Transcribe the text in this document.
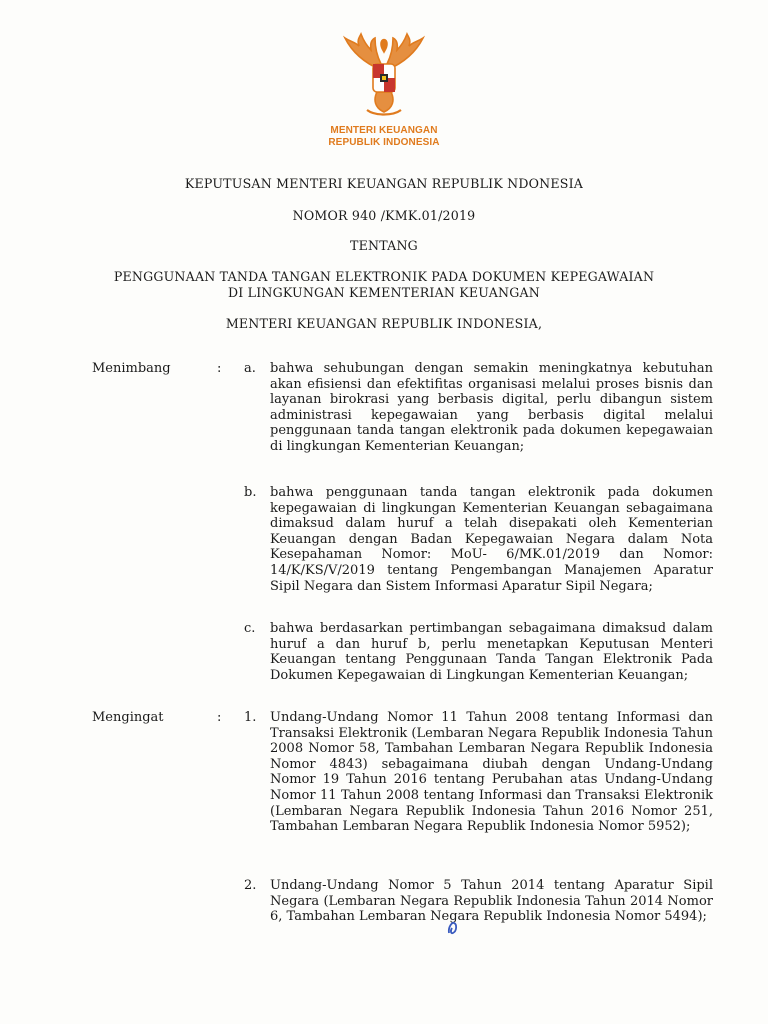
MENTERI KEUANGAN
REPUBLIK INDONESIA
KEPUTUSAN MENTERI KEUANGAN REPUBLIK NDONESIA
NOMOR 940 /KMK.01/2019
TENTANG
PENGGUNAAN TANDA TANGAN ELEKTRONIK PADA DOKUMEN KEPEGAWAIAN
DI LINGKUNGAN KEMENTERIAN KEUANGAN
MENTERI KEUANGAN REPUBLIK INDONESIA,
Menimbang	: a. bahwa sehubungan dengan semakin meningkatnya kebutuhan akan efisiensi dan efektifitas organisasi melalui proses bisnis dan layanan birokrasi yang berbasis digital, perlu dibangun sistem administrasi kepegawaian yang berbasis digital melalui penggunaan tanda tangan elektronik pada dokumen kepegawaian di lingkungan Kementerian Keuangan;
b. bahwa penggunaan tanda tangan elektronik pada dokumen kepegawaian di lingkungan Kementerian Keuangan sebagaimana dimaksud dalam huruf a telah disepakati oleh Kementerian Keuangan dengan Badan Kepegawaian Negara dalam Nota Kesepahaman Nomor: MoU- 6/MK.01/2019 dan Nomor: 14/K/KS/V/2019 tentang Pengembangan Manajemen Aparatur Sipil Negara dan Sistem Informasi Aparatur Sipil Negara;
c. bahwa berdasarkan pertimbangan sebagaimana dimaksud dalam huruf a dan huruf b, perlu menetapkan Keputusan Menteri Keuangan tentang Penggunaan Tanda Tangan Elektronik Pada Dokumen Kepegawaian di Lingkungan Kementerian Keuangan;
Mengingat	: 1. Undang-Undang Nomor 11 Tahun 2008 tentang Informasi dan Transaksi Elektronik (Lembaran Negara Republik Indonesia Tahun 2008 Nomor 58, Tambahan Lembaran Negara Republik Indonesia Nomor 4843) sebagaimana diubah dengan Undang-Undang Nomor 19 Tahun 2016 tentang Perubahan atas Undang-Undang Nomor 11 Tahun 2008 tentang Informasi dan Transaksi Elektronik (Lembaran Negara Republik Indonesia Tahun 2016 Nomor 251, Tambahan Lembaran Negara Republik Indonesia Nomor 5952);
2. Undang-Undang Nomor 5 Tahun 2014 tentang Aparatur Sipil Negara (Lembaran Negara Republik Indonesia Tahun 2014 Nomor 6, Tambahan Lembaran Negara Republik Indonesia Nomor 5494);
